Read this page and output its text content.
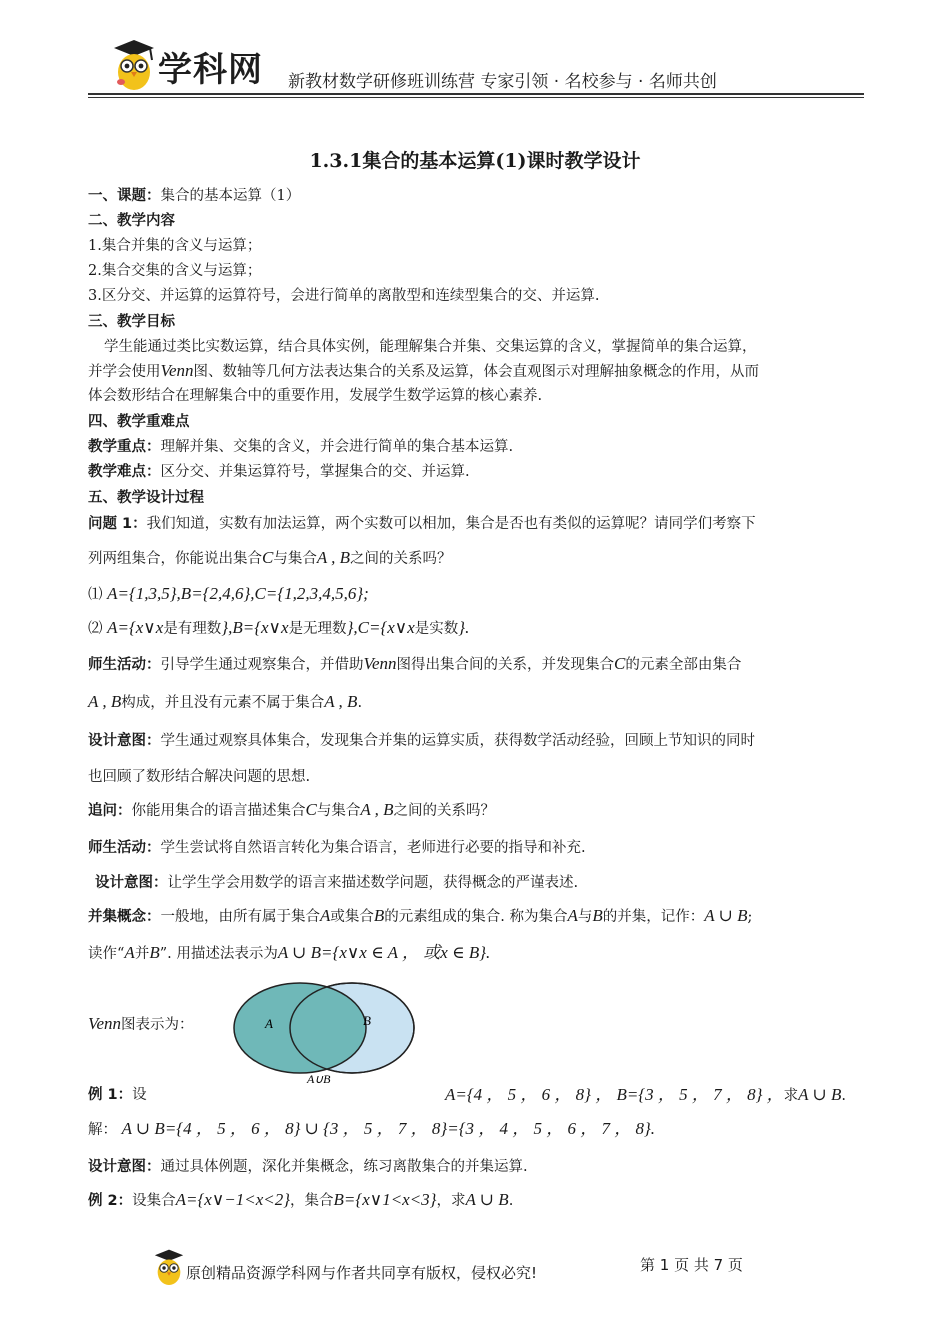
学科网 新教材数学研修班训练营 专家引领 · 名校参与 · 名师共创
1.3.1集合的基本运算(1)课时教学设计
一、课题：集合的基本运算（1）
二、教学内容
1.集合并集的含义与运算；
2.集合交集的含义与运算；
3.区分交、并运算的运算符号，会进行简单的离散型和连续型集合的交、并运算.
三、教学目标
学生能通过类比实数运算，结合具体实例，能理解集合并集、交集运算的含义，掌握简单的集合运算，
并学会使用Venn图、数轴等几何方法表达集合的关系及运算，体会直观图示对理解抽象概念的作用，从而
体会数形结合在理解集合中的重要作用，发展学生数学运算的核心素养.
四、教学重难点
教学重点：理解并集、交集的含义，并会进行简单的集合基本运算.
教学难点：区分交、并集运算符号，掌握集合的交、并运算.
五、教学设计过程
问题 1：我们知道，实数有加法运算，两个实数可以相加，集合是否也有类似的运算呢？请同学们考察下
列两组集合，你能说出集合C与集合A , B之间的关系吗？
⑴ A={1,3,5},B={2,4,6},C={1,2,3,4,5,6};
⑵ A={x∨x是有理数},B={x∨x是无理数},C={x∨x是实数}.
师生活动：引导学生通过观察集合，并借助Venn图得出集合间的关系，并发现集合C的元素全部由集合
A , B构成，并且没有元素不属于集合A , B.
设计意图：学生通过观察具体集合，发现集合并集的运算实质，获得数学活动经验，回顾上节知识的同时
也回顾了数形结合解决问题的思想.
追问：你能用集合的语言描述集合C与集合A , B之间的关系吗？
师生活动：学生尝试将自然语言转化为集合语言，老师进行必要的指导和补充.
设计意图：让学生学会用数学的语言来描述数学问题，获得概念的严谨表述.
并集概念：一般地，由所有属于集合A或集合B的元素组成的集合. 称为集合A与B的并集，记作：A ∪ B;
读作“A并B”. 用描述法表示为A ∪ B={x∨x ∈ A ， 或x ∈ B}.
Venn图表示为：	A	B
A∪B
例 1：设	A={4 ， 5 ， 6 ， 8} ， B={3 ， 5 ， 7 ， 8} ，求A ∪ B.
解： A ∪ B={4 ， 5 ， 6 ， 8} ∪ {3 ， 5 ， 7 ， 8}={3 ， 4 ， 5 ， 6 ， 7 ， 8}.
设计意图：通过具体例题，深化并集概念，练习离散集合的并集运算.
例 2：设集合A={x∨−1<x<2}，集合B={x∨1<x<3}，求A ∪ B.
原创精品资源学科网与作者共同享有版权，侵权必究!	第 1 页 共 7 页
